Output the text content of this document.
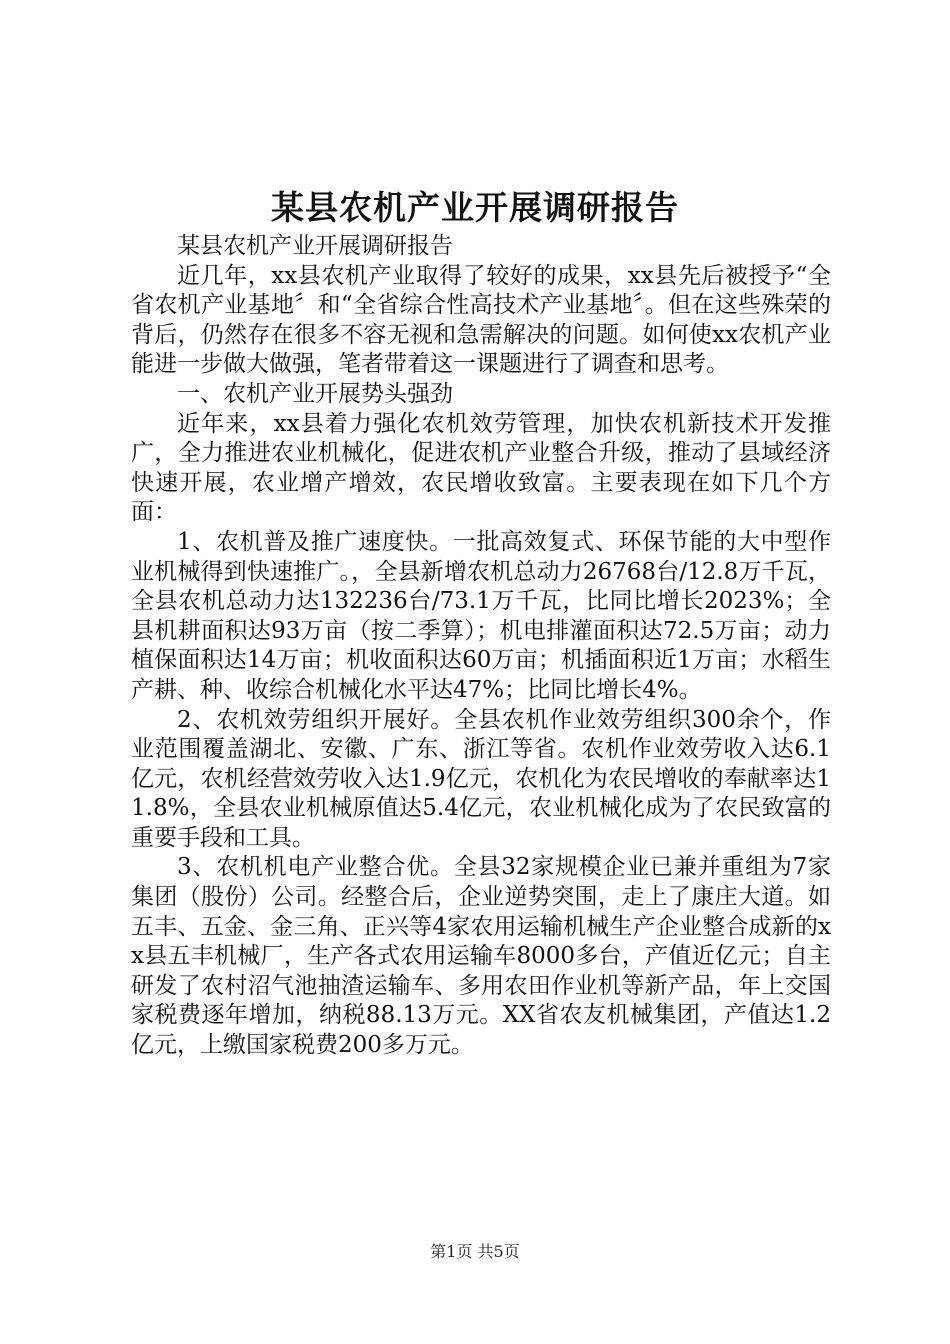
某县农机产业开展调研报告

某县农机产业开展调研报告

近几年，xx县农机产业取得了较好的成果，xx县先后被授予“全省农机产业基地〞和“全省综合性高技术产业基地〞。但在这些殊荣的背后，仍然存在很多不容无视和急需解决的问题。如何使xx农机产业能进一步做大做强，笔者带着这一课题进行了调查和思考。

一、农机产业开展势头强劲

近年来，xx县着力强化农机效劳管理，加快农机新技术开发推广，全力推进农业机械化，促进农机产业整合升级，推动了县域经济快速开展，农业增产增效，农民增收致富。主要表现在如下几个方面：

1、农机普及推广速度快。一批高效复式、环保节能的大中型作业机械得到快速推广。，全县新增农机总动力26768台/12.8万千瓦，全县农机总动力达132236台/73.1万千瓦，比同比增长2023%；全县机耕面积达93万亩（按二季算）；机电排灌面积达72.5万亩；动力植保面积达14万亩；机收面积达60万亩；机插面积近1万亩；水稻生产耕、种、收综合机械化水平达47%；比同比增长4%。

2、农机效劳组织开展好。全县农机作业效劳组织300余个，作业范围覆盖湖北、安徽、广东、浙江等省。农机作业效劳收入达6.1亿元，农机经营效劳收入达1.9亿元，农机化为农民增收的奉献率达11.8%，全县农业机械原值达5.4亿元，农业机械化成为了农民致富的重要手段和工具。

3、农机机电产业整合优。全县32家规模企业已兼并重组为7家集团（股份）公司。经整合后，企业逆势突围，走上了康庄大道。如五丰、五金、金三角、正兴等4家农用运输机械生产企业整合成新的xx县五丰机械厂，生产各式农用运输车8000多台，产值近亿元；自主研发了农村沼气池抽渣运输车、多用农田作业机等新产品，年上交国家税费逐年增加，纳税88.13万元。XX省农友机械集团，产值达1.2亿元，上缴国家税费200多万元。

第1页 共5页
